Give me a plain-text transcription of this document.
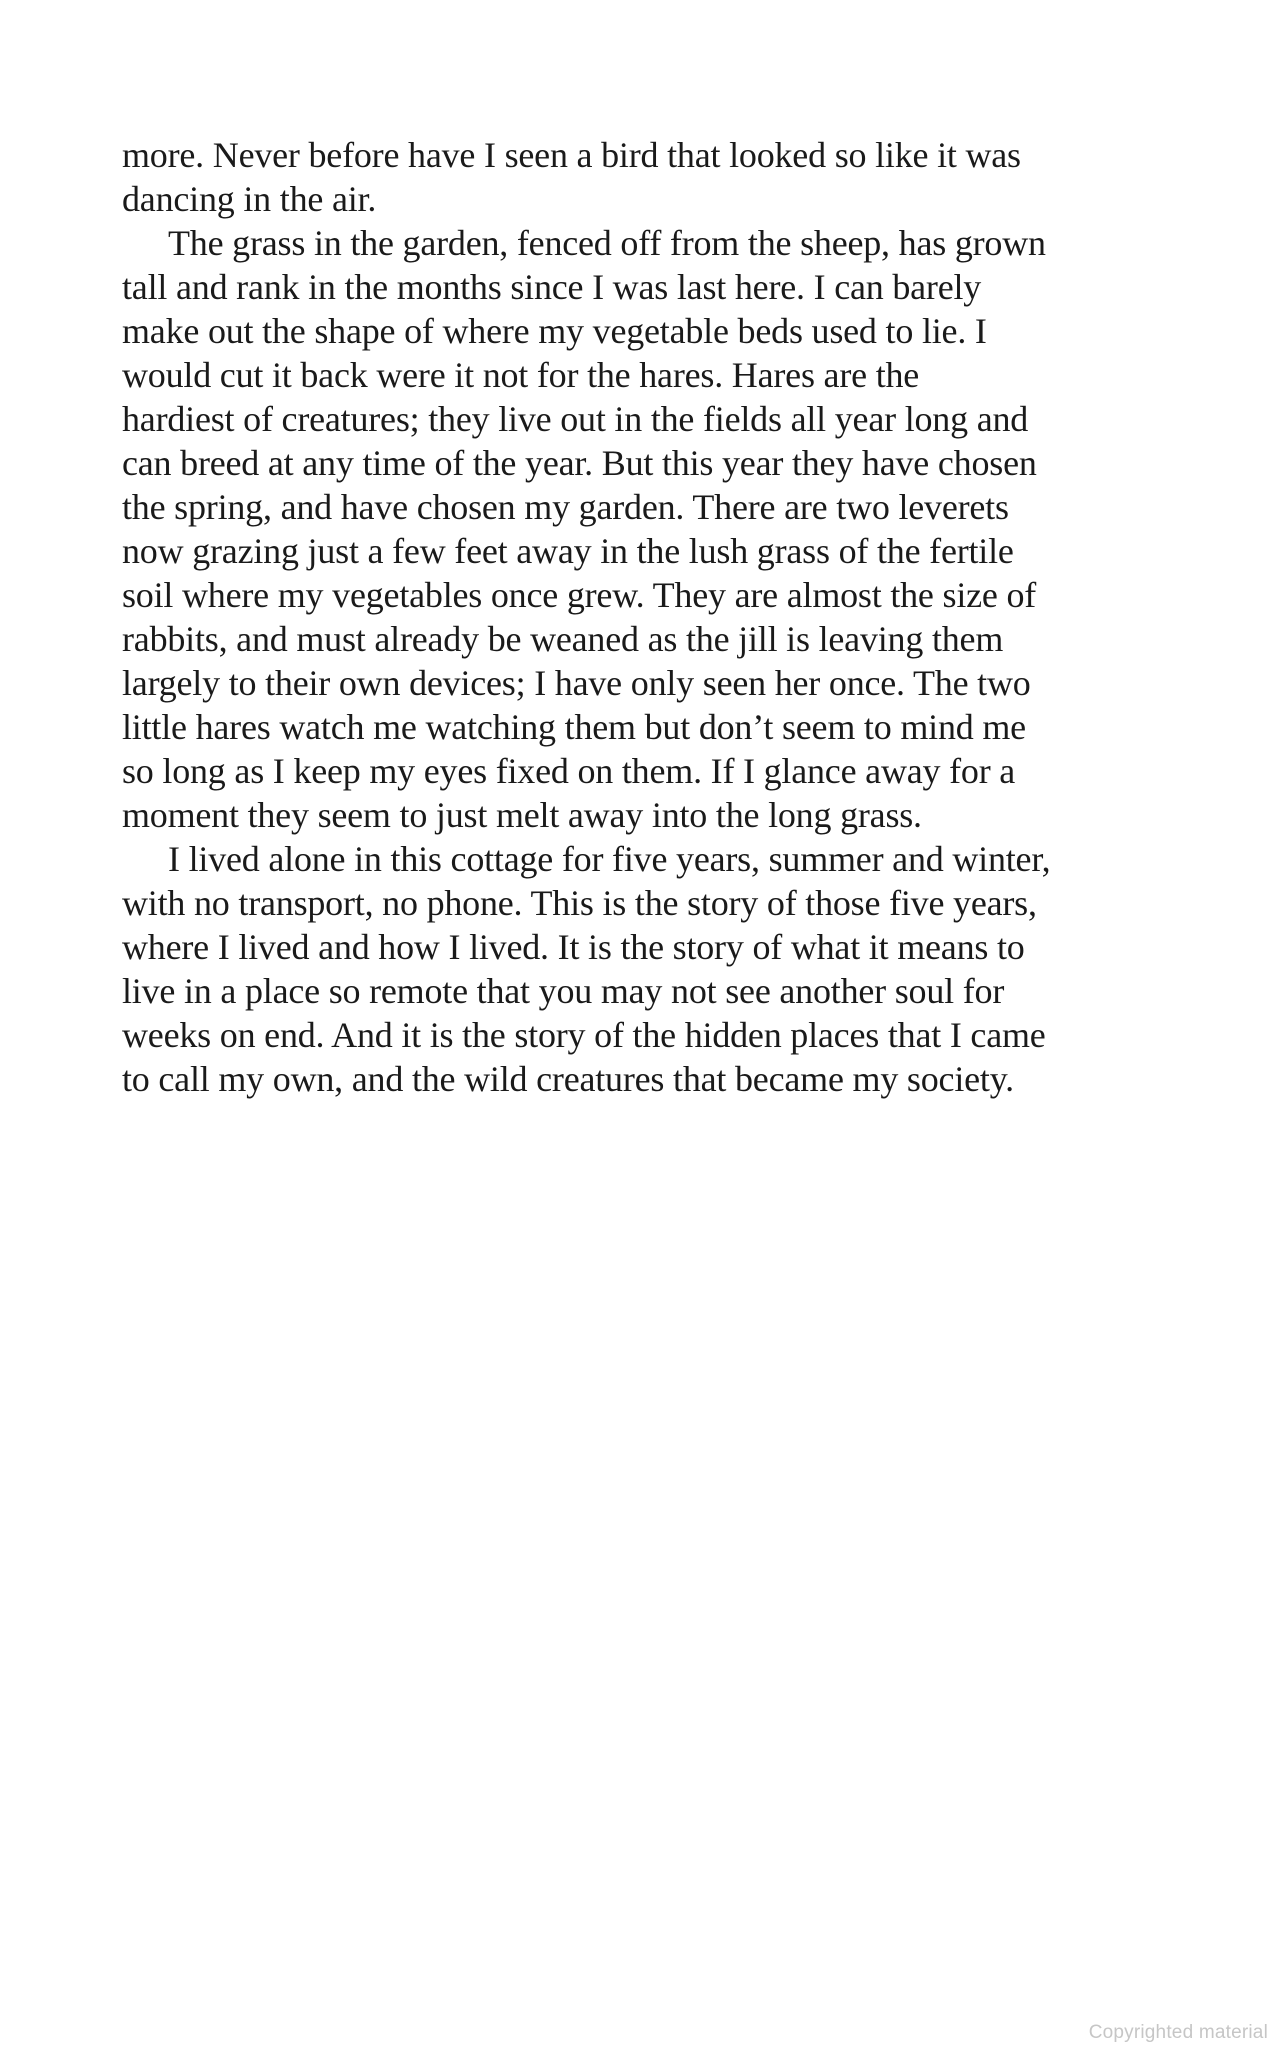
more. Never before have I seen a bird that looked so like it was
dancing in the air.
The grass in the garden, fenced off from the sheep, has grown
tall and rank in the months since I was last here. I can barely
make out the shape of where my vegetable beds used to lie. I
would cut it back were it not for the hares. Hares are the
hardiest of creatures; they live out in the fields all year long and
can breed at any time of the year. But this year they have chosen
the spring, and have chosen my garden. There are two leverets
now grazing just a few feet away in the lush grass of the fertile
soil where my vegetables once grew. They are almost the size of
rabbits, and must already be weaned as the jill is leaving them
largely to their own devices; I have only seen her once. The two
little hares watch me watching them but don’t seem to mind me
so long as I keep my eyes fixed on them. If I glance away for a
moment they seem to just melt away into the long grass.
I lived alone in this cottage for five years, summer and winter,
with no transport, no phone. This is the story of those five years,
where I lived and how I lived. It is the story of what it means to
live in a place so remote that you may not see another soul for
weeks on end. And it is the story of the hidden places that I came
to call my own, and the wild creatures that became my society.
Copyrighted material
